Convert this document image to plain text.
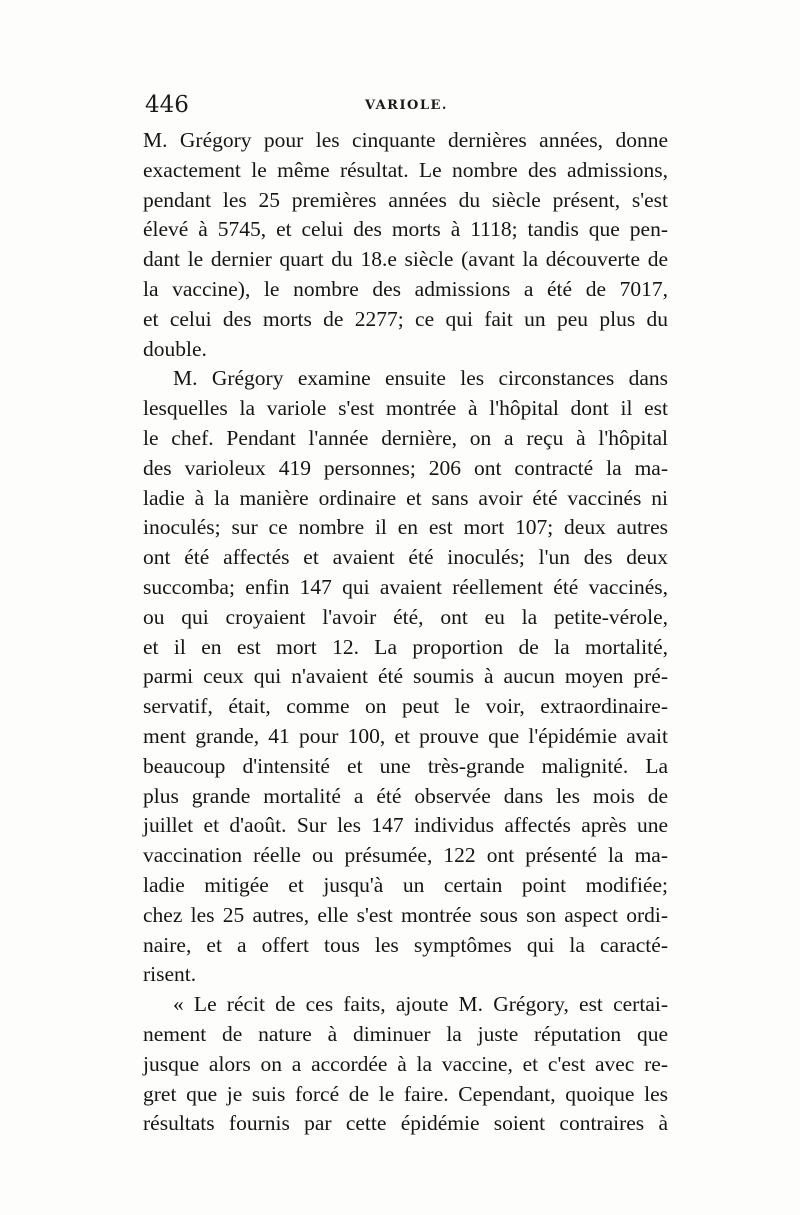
446	VARIOLE.
M. Grégory pour les cinquante dernières années, donne
exactement le même résultat. Le nombre des admissions,
pendant les 25 premières années du siècle présent, s'est
élevé à 5745, et celui des morts à 1118; tandis que pen-
dant le dernier quart du 18.e siècle (avant la découverte de
la vaccine), le nombre des admissions a été de 7017,
et celui des morts de 2277; ce qui fait un peu plus du
double.
M. Grégory examine ensuite les circonstances dans
lesquelles la variole s'est montrée à l'hôpital dont il est
le chef. Pendant l'année dernière, on a reçu à l'hôpital
des varioleux 419 personnes; 206 ont contracté la ma-
ladie à la manière ordinaire et sans avoir été vaccinés ni
inoculés; sur ce nombre il en est mort 107; deux autres
ont été affectés et avaient été inoculés; l'un des deux
succomba; enfin 147 qui avaient réellement été vaccinés,
ou qui croyaient l'avoir été, ont eu la petite-vérole,
et il en est mort 12. La proportion de la mortalité,
parmi ceux qui n'avaient été soumis à aucun moyen pré-
servatif, était, comme on peut le voir, extraordinaire-
ment grande, 41 pour 100, et prouve que l'épidémie avait
beaucoup d'intensité et une très-grande malignité. La
plus grande mortalité a été observée dans les mois de
juillet et d'août. Sur les 147 individus affectés après une
vaccination réelle ou présumée, 122 ont présenté la ma-
ladie mitigée et jusqu'à un certain point modifiée;
chez les 25 autres, elle s'est montrée sous son aspect ordi-
naire, et a offert tous les symptômes qui la caracté-
risent.
« Le récit de ces faits, ajoute M. Grégory, est certai-
nement de nature à diminuer la juste réputation que
jusque alors on a accordée à la vaccine, et c'est avec re-
gret que je suis forcé de le faire. Cependant, quoique les
résultats fournis par cette épidémie soient contraires à
